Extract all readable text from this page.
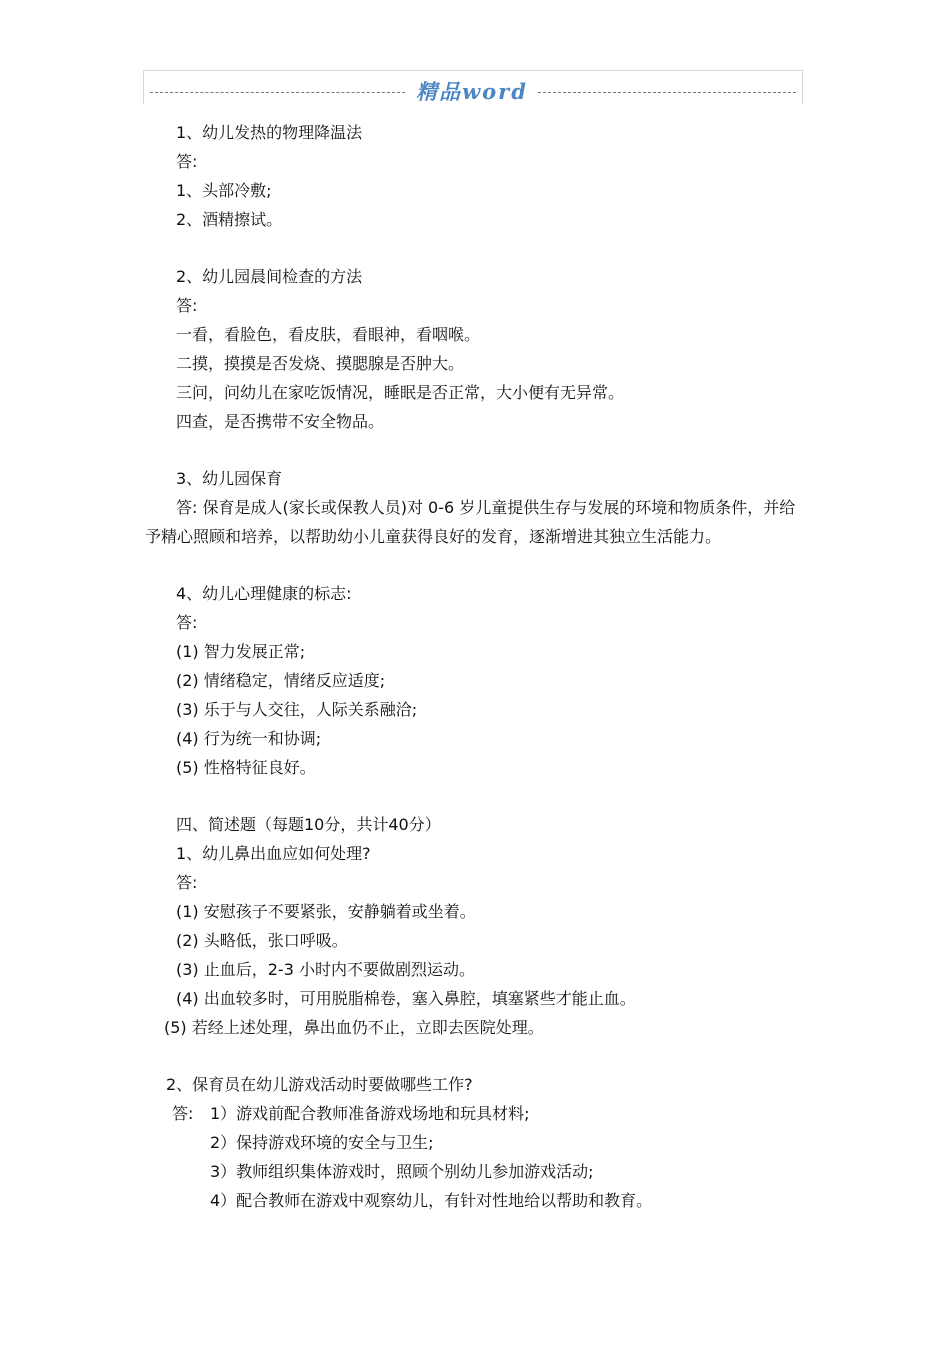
精品word
1、幼儿发热的物理降温法
答:
1、头部冷敷;
2、酒精擦试。
2、幼儿园晨间检查的方法
答:
一看，看脸色，看皮肤，看眼神，看咽喉。
二摸，摸摸是否发烧、摸腮腺是否肿大。
三问，问幼儿在家吃饭情况，睡眠是否正常，大小便有无异常。
四查，是否携带不安全物品。
3、幼儿园保育
答: 保育是成人(家长或保教人员)对 0-6 岁儿童提供生存与发展的环境和物质条件，并给
予精心照顾和培养，以帮助幼小儿童获得良好的发育，逐渐增进其独立生活能力。
4、幼儿心理健康的标志:
答:
(1) 智力发展正常;
(2) 情绪稳定，情绪反应适度;
(3) 乐于与人交往，人际关系融洽;
(4) 行为统一和协调;
(5) 性格特征良好。
四、简述题（每题10分，共计40分）
1、幼儿鼻出血应如何处理?
答:
(1) 安慰孩子不要紧张，安静躺着或坐着。
(2) 头略低，张口呼吸。
(3) 止血后，2-3 小时内不要做剧烈运动。
(4) 出血较多时，可用脱脂棉卷，塞入鼻腔，填塞紧些才能止血。
(5) 若经上述处理，鼻出血仍不止，立即去医院处理。
2、保育员在幼儿游戏活动时要做哪些工作?
答: 1）游戏前配合教师准备游戏场地和玩具材料;
2）保持游戏环境的安全与卫生;
3）教师组织集体游戏时，照顾个别幼儿参加游戏活动;
4）配合教师在游戏中观察幼儿，有针对性地给以帮助和教育。
